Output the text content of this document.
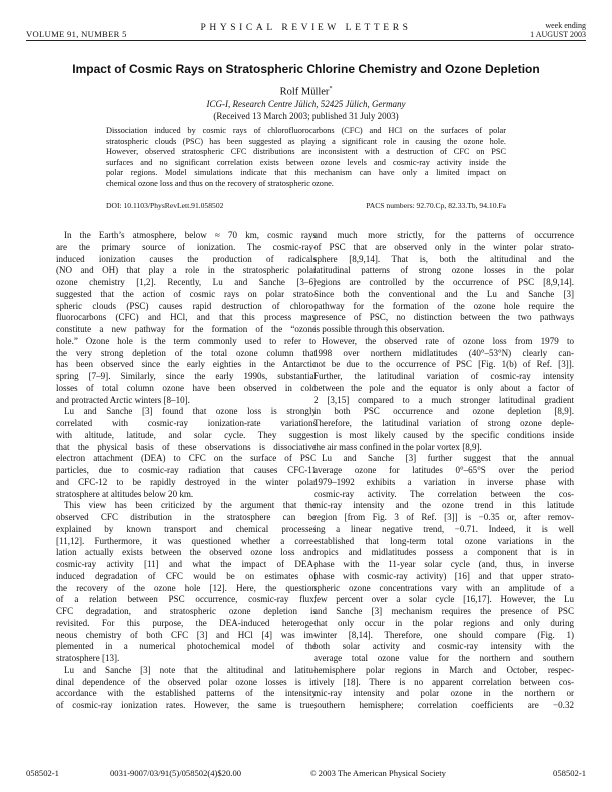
VOLUME 91, NUMBER 5
PHYSICAL REVIEW LETTERS	week ending
1 AUGUST 2003
Impact of Cosmic Rays on Stratospheric Chlorine Chemistry and Ozone Depletion
Rolf Müller*
ICG-I, Research Centre Jülich, 52425 Jülich, Germany
(Received 13 March 2003; published 31 July 2003)
Dissociation induced by cosmic rays of chlorofluorocarbons (CFC) and HCl on the surfaces of polar
stratospheric clouds (PSC) has been suggested as playing a significant role in causing the ozone hole.
However, observed stratospheric CFC distributions are inconsistent with a destruction of CFC on PSC
surfaces and no significant correlation exists between ozone levels and cosmic-ray activity inside the
polar regions. Model simulations indicate that this mechanism can have only a limited impact on
chemical ozone loss and thus on the recovery of stratospheric ozone.
DOI: 10.1103/PhysRevLett.91.058502	PACS numbers: 92.70.Cp, 82.33.Tb, 94.10.Fa
In the Earth’s atmosphere, below ≈ 70 km, cosmic rays
are the primary source of ionization. The cosmic-ray-
induced ionization causes the production of radicals
(NO and OH) that play a role in the stratospheric polar
ozone chemistry [1,2]. Recently, Lu and Sanche [3–6]
suggested that the action of cosmic rays on polar strato-
spheric clouds (PSC) causes rapid destruction of chloro-
fluorocarbons (CFC) and HCl, and that this process may
constitute a new pathway for the formation of the “ozone
hole.” Ozone hole is the term commonly used to refer to
the very strong depletion of the total ozone column that
has been observed since the early eighties in the Antarctic
spring [7–9]. Similarly, since the early 1990s, substantial
losses of total column ozone have been observed in cold
and protracted Arctic winters [8–10].
Lu and Sanche [3] found that ozone loss is strongly
correlated with cosmic-ray ionization-rate variations
with altitude, latitude, and solar cycle. They suggest
that the physical basis of these observations is dissociative
electron attachment (DEA) to CFC on the surface of PSC
particles, due to cosmic-ray radiation that causes CFC-11
and CFC-12 to be rapidly destroyed in the winter polar
stratosphere at altitudes below 20 km.
This view has been criticized by the argument that the
observed CFC distribution in the stratosphere can be
explained by known transport and chemical processes
[11,12]. Furthermore, it was questioned whether a corre-
lation actually exists between the observed ozone loss and
cosmic-ray activity [11] and what the impact of DEA-
induced degradation of CFC would be on estimates of
the recovery of the ozone hole [12]. Here, the question
of a relation between PSC occurrence, cosmic-ray flux,
CFC degradation, and stratospheric ozone depletion is
revisited. For this purpose, the DEA-induced heteroge-
neous chemistry of both CFC [3] and HCl [4] was im-
plemented in a numerical photochemical model of the
stratosphere [13].
Lu and Sanche [3] note that the altitudinal and latitu-
dinal dependence of the observed polar ozone losses is in
accordance with the established patterns of the intensity
of cosmic-ray ionization rates. However, the same is true,
and much more strictly, for the patterns of occurrence
of PSC that are observed only in the winter polar strato-
sphere [8,9,14]. That is, both the altitudinal and the
latitudinal patterns of strong ozone losses in the polar
regions are controlled by the occurrence of PSC [8,9,14].
Since both the conventional and the Lu and Sanche [3]
pathway for the formation of the ozone hole require the
presence of PSC, no distinction between the two pathways
is possible through this observation.
However, the observed rate of ozone loss from 1979 to
1998 over northern midlatitudes (40°–53°N) clearly can-
not be due to the occurrence of PSC [Fig. 1(b) of Ref. [3]].
Further, the latitudinal variation of cosmic-ray intensity
between the pole and the equator is only about a factor of
2 [3,15] compared to a much stronger latitudinal gradient
in both PSC occurrence and ozone depletion [8,9].
Therefore, the latitudinal variation of strong ozone deple-
tion is most likely caused by the specific conditions inside
the air mass confined in the polar vortex [8,9].
Lu and Sanche [3] further suggest that the annual
average ozone for latitudes 0°–65°S over the period
1979–1992 exhibits a variation in inverse phase with
cosmic-ray activity. The correlation between the cos-
mic-ray intensity and the ozone trend in this latitude
region [from Fig. 3 of Ref. [3]] is −0.35 or, after remov-
ing a linear negative trend, −0.71. Indeed, it is well
established that long-term total ozone variations in the
tropics and midlatitudes possess a component that is in
phase with the 11-year solar cycle (and, thus, in inverse
phase with cosmic-ray activity) [16] and that upper strato-
spheric ozone concentrations vary with an amplitude of a
few percent over a solar cycle [16,17]. However, the Lu
and Sanche [3] mechanism requires the presence of PSC
that only occur in the polar regions and only during
winter [8,14]. Therefore, one should compare (Fig. 1)
both solar activity and cosmic-ray intensity with the
average total ozone value for the northern and southern
hemisphere polar regions in March and October, respec-
tively [18]. There is no apparent correlation between cos-
mic-ray intensity and polar ozone in the northern or
southern hemisphere; correlation coefficients are −0.32
058502-1	0031-9007/03/91(5)/058502(4)$20.00	© 2003 The American Physical Society	058502-1
